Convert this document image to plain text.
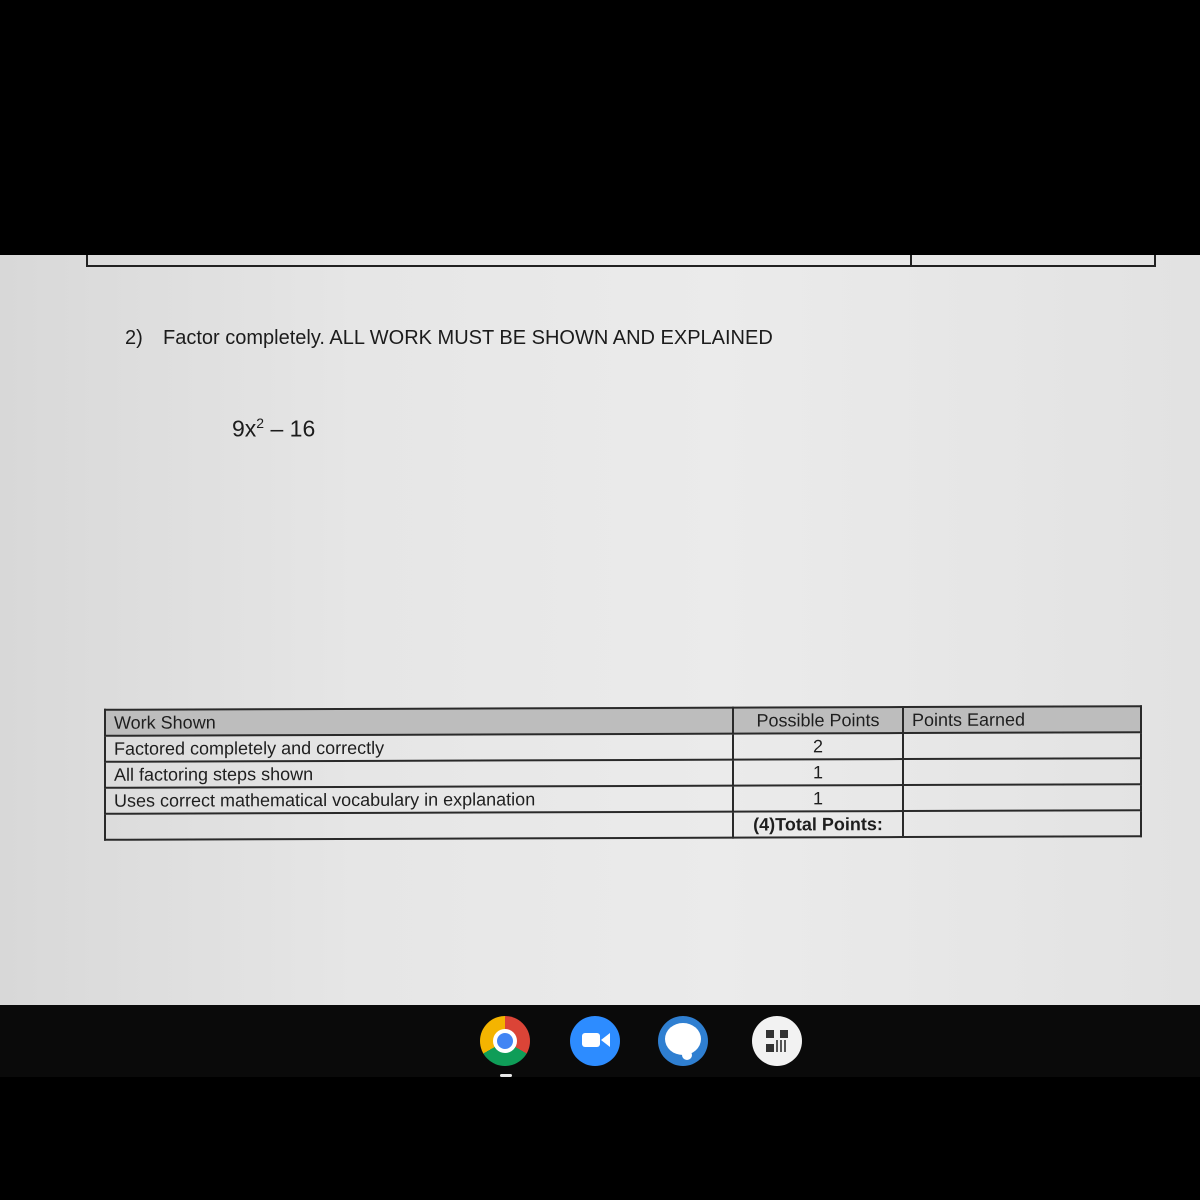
2) Factor completely. ALL WORK MUST BE SHOWN AND EXPLAINED
$9x^2 - 16$
Work Shown	Possible Points	Points Earned
Factored completely and correctly	2	
All factoring steps shown	1	
Uses correct mathematical vocabulary in explanation	1	
	(4)Total Points:	
